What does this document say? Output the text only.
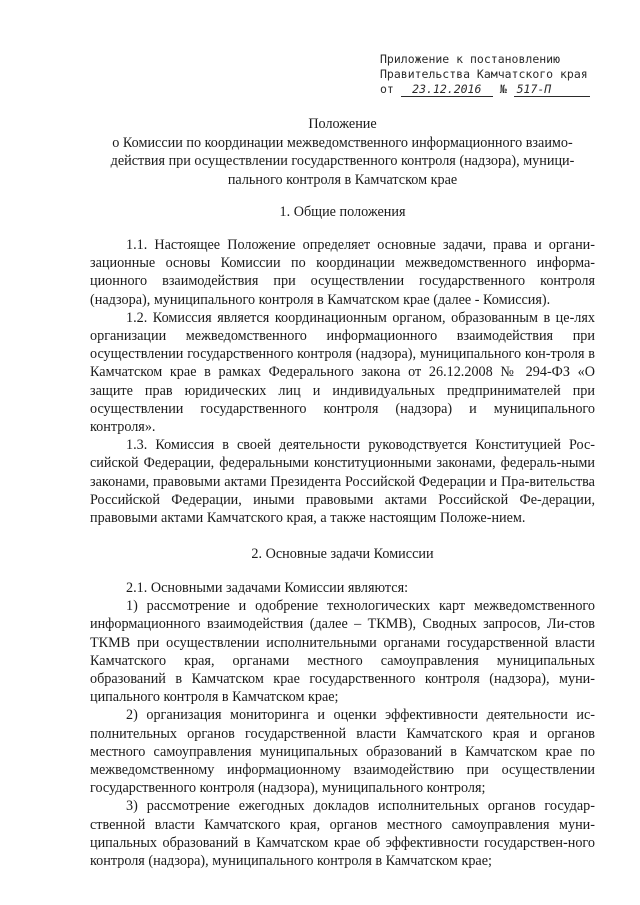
Приложение к постановлению
Правительства Камчатского края
от 23.12.2016 № 517-П
Положение
о Комиссии по координации межведомственного информационного взаимо-действия при осуществлении государственного контроля (надзора), муници-пального контроля в Камчатском крае
1. Общие положения

1.1. Настоящее Положение определяет основные задачи, права и органи-зационные основы Комиссии по координации межведомственного информа-ционного взаимодействия при осуществлении государственного контроля (надзора), муниципального контроля в Камчатском крае (далее - Комиссия).

1.2. Комиссия является координационным органом, образованным в це-лях организации межведомственного информационного взаимодействия при осуществлении государственного контроля (надзора), муниципального кон-троля в Камчатском крае в рамках Федерального закона от 26.12.2008 № 294-ФЗ «О защите прав юридических лиц и индивидуальных предпринимателей при осуществлении государственного контроля (надзора) и муниципального контроля».

1.3. Комиссия в своей деятельности руководствуется Конституцией Рос-сийской Федерации, федеральными конституционными законами, федераль-ными законами, правовыми актами Президента Российской Федерации и Пра-вительства Российской Федерации, иными правовыми актами Российской Фе-дерации, правовыми актами Камчатского края, а также настоящим Положе-нием.

2. Основные задачи Комиссии

2.1. Основными задачами Комиссии являются:

1) рассмотрение и одобрение технологических карт межведомственного информационного взаимодействия (далее – ТКМВ), Сводных запросов, Ли-стов ТКМВ при осуществлении исполнительными органами государственной власти Камчатского края, органами местного самоуправления муниципальных образований в Камчатском крае государственного контроля (надзора), муни-ципального контроля в Камчатском крае;

2) организация мониторинга и оценки эффективности деятельности ис-полнительных органов государственной власти Камчатского края и органов местного самоуправления муниципальных образований в Камчатском крае по межведомственному информационному взаимодействию при осуществлении государственного контроля (надзора), муниципального контроля;

3) рассмотрение ежегодных докладов исполнительных органов государ-ственной власти Камчатского края, органов местного самоуправления муни-ципальных образований в Камчатском крае об эффективности государствен-ного контроля (надзора), муниципального контроля в Камчатском крае;
